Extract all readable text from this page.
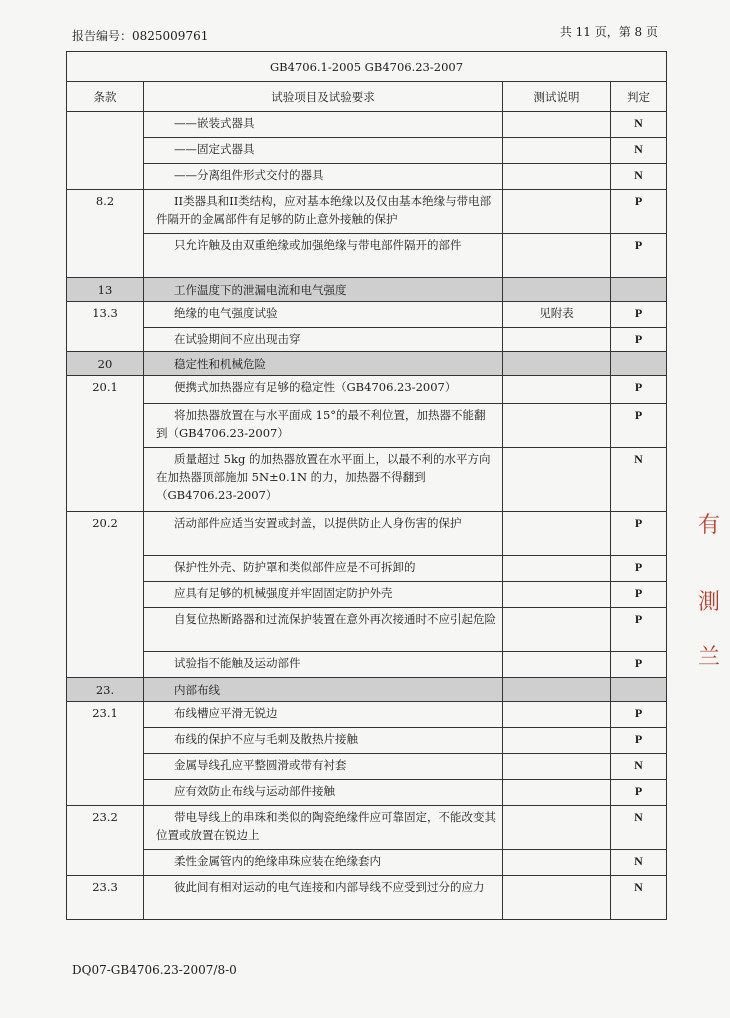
报告编号：0825009761	共 11 页，第 8 页
GB4706.1-2005 GB4706.23-2007			
条款	试验项目及试验要求	测试说明	判定
	——嵌装式器具		N
	——固定式器具		N
	——分离组件形式交付的器具		N
8.2	II类器具和II类结构，应对基本绝缘以及仅由基本绝缘与带电部件隔开的金属部件有足够的防止意外接触的保护		P
	只允许触及由双重绝缘或加强绝缘与带电部件隔开的部件		P
13	工作温度下的泄漏电流和电气强度		
13.3	绝缘的电气强度试验	见附表	P
	在试验期间不应出现击穿		P
20	稳定性和机械危险		
20.1	便携式加热器应有足够的稳定性（GB4706.23-2007）		P
	将加热器放置在与水平面成 15°的最不利位置，加热器不能翻到（GB4706.23-2007）		P
	质量超过 5kg 的加热器放置在水平面上，以最不利的水平方向在加热器顶部施加 5N±0.1N 的力，加热器不得翻到（GB4706.23-2007）		N
20.2	活动部件应适当安置或封盖，以提供防止人身伤害的保护		P
	保护性外壳、防护罩和类似部件应是不可拆卸的		P
	应具有足够的机械强度并牢固固定防护外壳		P
	自复位热断路器和过流保护装置在意外再次接通时不应引起危险		P
	试验指不能触及运动部件		P
23.	内部布线		
23.1	布线槽应平滑无锐边		P
	布线的保护不应与毛刺及散热片接触		P
	金属导线孔应平整圆滑或带有衬套		N
	应有效防止布线与运动部件接触		P
23.2	带电导线上的串珠和类似的陶瓷绝缘件应可靠固定，不能改变其位置或放置在锐边上		N
	柔性金属管内的绝缘串珠应装在绝缘套内		N
23.3	彼此间有相对运动的电气连接和内部导线不应受到过分的应力		N
DQ07-GB4706.23-2007/8-0
有
測
兰
